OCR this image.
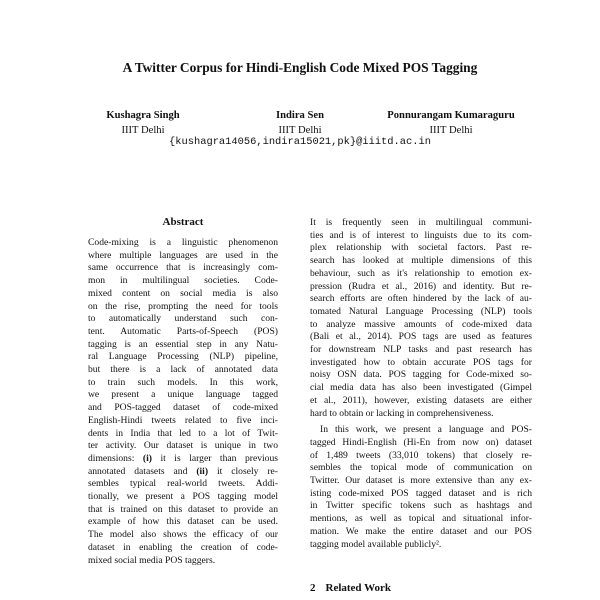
A Twitter Corpus for Hindi-English Code Mixed POS Tagging
Kushagra Singh
IIIT Delhi
Indira Sen
IIIT Delhi
Ponnurangam Kumaraguru
IIIT Delhi
{kushagra14056,indira15021,pk}@iiitd.ac.in
Abstract
Code-mixing is a linguistic phenomenon
where multiple languages are used in the
same occurrence that is increasingly com-
mon in multilingual societies. Code-
mixed content on social media is also
on the rise, prompting the need for tools
to automatically understand such con-
tent. Automatic Parts-of-Speech (POS)
tagging is an essential step in any Natu-
ral Language Processing (NLP) pipeline,
but there is a lack of annotated data
to train such models. In this work,
we present a unique language tagged
and POS-tagged dataset of code-mixed
English-Hindi tweets related to five inci-
dents in India that led to a lot of Twit-
ter activity. Our dataset is unique in two
dimensions: (i) it is larger than previous
annotated datasets and (ii) it closely re-
sembles typical real-world tweets. Addi-
tionally, we present a POS tagging model
that is trained on this dataset to provide an
example of how this dataset can be used.
The model also shows the efficacy of our
dataset in enabling the creation of code-
mixed social media POS taggers.
It is frequently seen in multilingual communi-
ties and is of interest to linguists due to its com-
plex relationship with societal factors. Past re-
search has looked at multiple dimensions of this
behaviour, such as it's relationship to emotion ex-
pression (Rudra et al., 2016) and identity. But re-
search efforts are often hindered by the lack of au-
tomated Natural Language Processing (NLP) tools
to analyze massive amounts of code-mixed data
(Bali et al., 2014). POS tags are used as features
for downstream NLP tasks and past research has
investigated how to obtain accurate POS tags for
noisy OSN data. POS tagging for Code-mixed so-
cial media data has also been investigated (Gimpel
et al., 2011), however, existing datasets are either
hard to obtain or lacking in comprehensiveness.
In this work, we present a language and POS-
tagged Hindi-English (Hi-En from now on) dataset
of 1,489 tweets (33,010 tokens) that closely re-
sembles the topical mode of communication on
Twitter. Our dataset is more extensive than any ex-
isting code-mixed POS tagged dataset and is rich
in Twitter specific tokens such as hashtags and
mentions, as well as topical and situational infor-
mation. We make the entire dataset and our POS
tagging model available publicly².
2 Related Work
